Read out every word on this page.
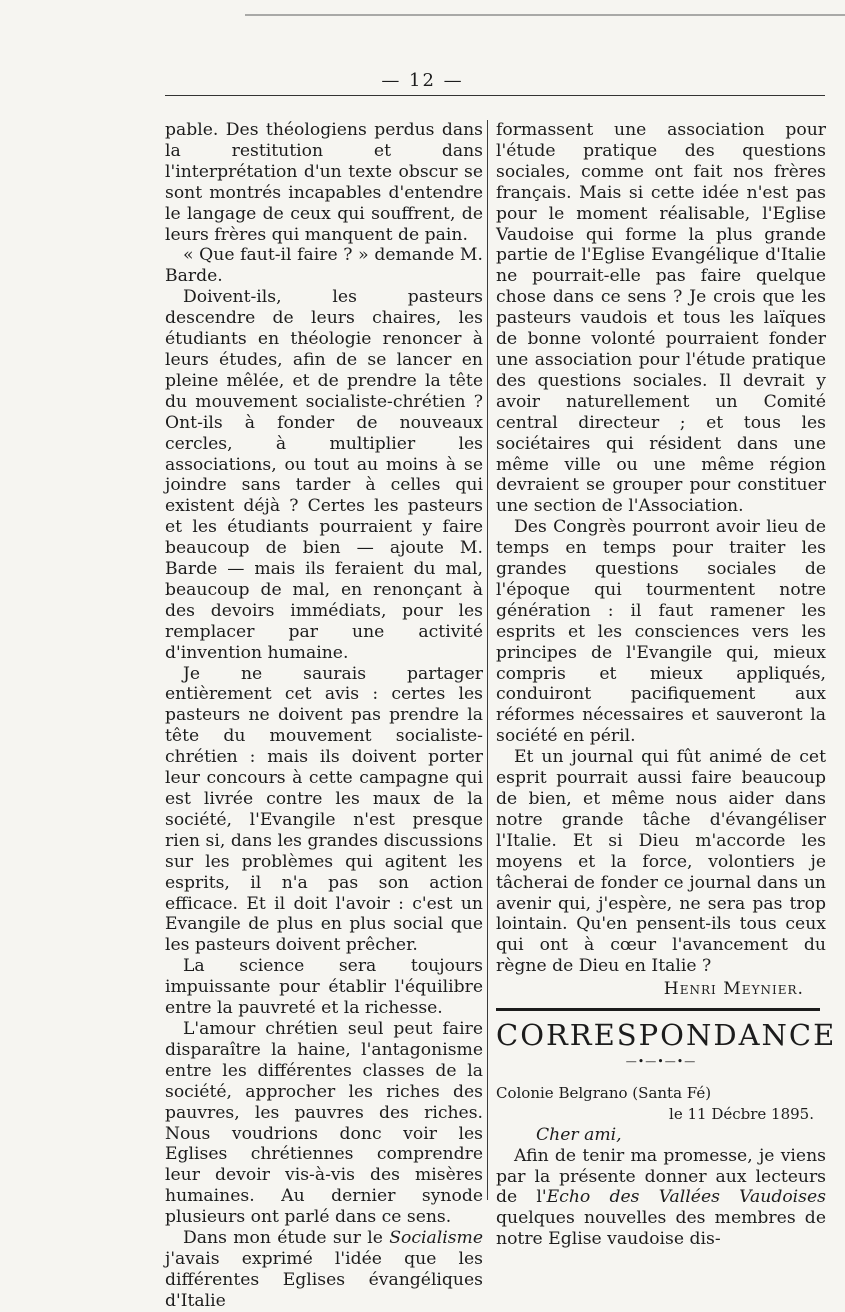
— 12 —

pable. Des théologiens perdus dans la restitution et dans l'interprétation d'un texte obscur se sont montrés incapables d'entendre le langage de ceux qui souffrent, de leurs frères qui manquent de pain.

« Que faut-il faire ? » demande M. Barde.

Doivent-ils, les pasteurs descendre de leurs chaires, les étudiants en théologie renoncer à leurs études, afin de se lancer en pleine mêlée, et de prendre la tête du mouvement socialiste-chrétien ? Ont-ils à fonder de nouveaux cercles, à multiplier les associations, ou tout au moins à se joindre sans tarder à celles qui existent déjà ? Certes les pasteurs et les étudiants pourraient y faire beaucoup de bien — ajoute M. Barde — mais ils feraient du mal, beaucoup de mal, en renonçant à des devoirs immédiats, pour les remplacer par une activité d'invention humaine.

Je ne saurais partager entièrement cet avis : certes les pasteurs ne doivent pas prendre la tête du mouvement socialiste-chrétien : mais ils doivent porter leur concours à cette campagne qui est livrée contre les maux de la société, l'Evangile n'est presque rien si, dans les grandes discussions sur les problèmes qui agitent les esprits, il n'a pas son action efficace. Et il doit l'avoir : c'est un Evangile de plus en plus social que les pasteurs doivent prêcher.

La science sera toujours impuissante pour établir l'équilibre entre la pauvreté et la richesse.

L'amour chrétien seul peut faire disparaître la haine, l'antagonisme entre les différentes classes de la société, approcher les riches des pauvres, les pauvres des riches. Nous voudrions donc voir les Eglises chrétiennes comprendre leur devoir vis-à-vis des misères humaines. Au dernier synode plusieurs ont parlé dans ce sens.

Dans mon étude sur le Socialisme j'avais exprimé l'idée que les différentes Eglises évangéliques d'Italie

formassent une association pour l'étude pratique des questions sociales, comme ont fait nos frères français. Mais si cette idée n'est pas pour le moment réalisable, l'Eglise Vaudoise qui forme la plus grande partie de l'Eglise Evangélique d'Italie ne pourrait-elle pas faire quelque chose dans ce sens ? Je crois que les pasteurs vaudois et tous les laïques de bonne volonté pourraient fonder une association pour l'étude pratique des questions sociales. Il devrait y avoir naturellement un Comité central directeur ; et tous les sociétaires qui résident dans une même ville ou une même région devraient se grouper pour constituer une section de l'Association.

Des Congrès pourront avoir lieu de temps en temps pour traiter les grandes questions sociales de l'époque qui tourmentent notre génération : il faut ramener les esprits et les consciences vers les principes de l'Evangile qui, mieux compris et mieux appliqués, conduiront pacifiquement aux réformes nécessaires et sauveront la société en péril.

Et un journal qui fût animé de cet esprit pourrait aussi faire beaucoup de bien, et même nous aider dans notre grande tâche d'évangéliser l'Italie. Et si Dieu m'accorde les moyens et la force, volontiers je tâcherai de fonder ce journal dans un avenir qui, j'espère, ne sera pas trop lointain. Qu'en pensent-ils tous ceux qui ont à cœur l'avancement du règne de Dieu en Italie ?

Henri Meynier.
CORRESPONDANCE
—•—•—•—
Colonie Belgrano (Santa Fé)
le 11 Décbre 1895.
Cher ami,

Afin de tenir ma promesse, je viens par la présente donner aux lecteurs de l'Echo des Vallées Vaudoises quelques nouvelles des membres de notre Eglise vaudoise dis-
